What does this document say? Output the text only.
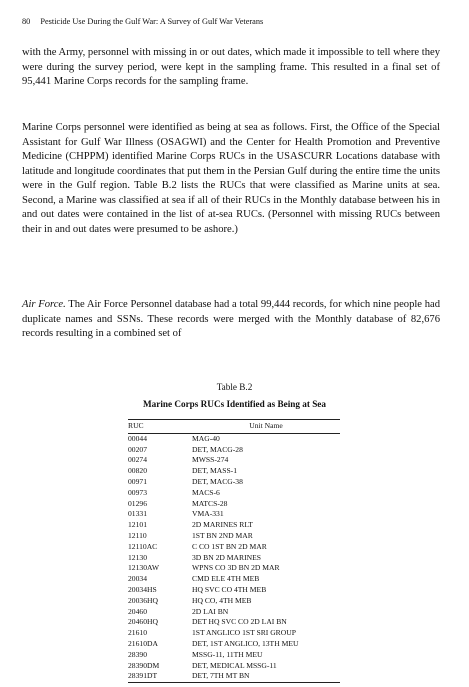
80 Pesticide Use During the Gulf War: A Survey of Gulf War Veterans

with the Army, personnel with missing in or out dates, which made it impossible to tell where they were during the survey period, were kept in the sampling frame. This resulted in a final set of 95,441 Marine Corps records for the sampling frame.

Marine Corps personnel were identified as being at sea as follows. First, the Office of the Special Assistant for Gulf War Illness (OSAGWI) and the Center for Health Promotion and Preventive Medicine (CHPPM) identified Marine Corps RUCs in the USASCURR Locations database with latitude and longitude coordinates that put them in the Persian Gulf during the entire time the units were in the Gulf region. Table B.2 lists the RUCs that were classified as Marine units at sea. Second, a Marine was classified at sea if all of their RUCs in the Monthly database between his in and out dates were contained in the list of at-sea RUCs. (Personnel with missing RUCs between their in and out dates were presumed to be ashore.)

Air Force. The Air Force Personnel database had a total 99,444 records, for which nine people had duplicate names and SSNs. These records were merged with the Monthly database of 82,676 records resulting in a combined set of

Table B.2
Marine Corps RUCs Identified as Being at Sea
RUC	Unit Name
00044	MAG-40
00207	DET, MACG-28
00274	MWSS-274
00820	DET, MASS-1
00971	DET, MACG-38
00973	MACS-6
01296	MATCS-28
01331	VMA-331
12101	2D MARINES RLT
12110	1ST BN 2ND MAR
12110AC	C CO 1ST BN 2D MAR
12130	3D BN 2D MARINES
12130AW	WPNS CO 3D BN 2D MAR
20034	CMD ELE 4TH MEB
20034HS	HQ SVC CO 4TH MEB
20036HQ	HQ CO, 4TH MEB
20460	2D LAI BN
20460HQ	DET HQ SVC CO 2D LAI BN
21610	1ST ANGLICO 1ST SRI GROUP
21610DA	DET, 1ST ANGLICO, 13TH MEU
28390	MSSG-11, 11TH MEU
28390DM	DET, MEDICAL MSSG-11
28391DT	DET, 7TH MT BN
